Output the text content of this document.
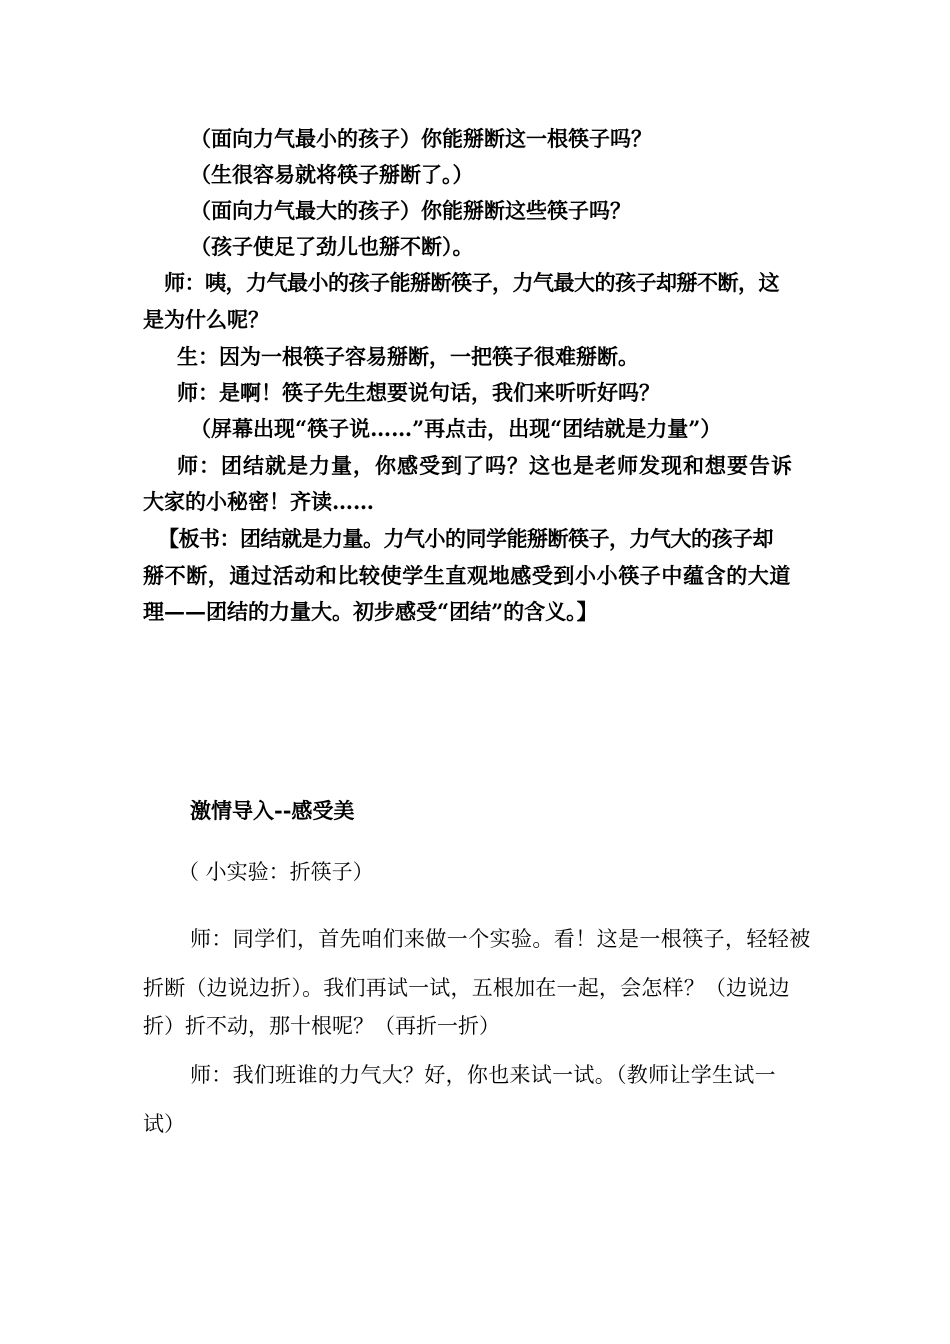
（面向力气最小的孩子）你能掰断这一根筷子吗？

（生很容易就将筷子掰断了。）

（面向力气最大的孩子）你能掰断这些筷子吗？

（孩子使足了劲儿也掰不断）。

师：咦，力气最小的孩子能掰断筷子，力气最大的孩子却掰不断，这

是为什么呢？

生：因为一根筷子容易掰断，一把筷子很难掰断。

师：是啊！筷子先生想要说句话，我们来听听好吗？

（屏幕出现“筷子说……”再点击，出现“团结就是力量”）

师：团结就是力量，你感受到了吗？这也是老师发现和想要告诉

大家的小秘密！齐读……

【板书：团结就是力量。力气小的同学能掰断筷子，力气大的孩子却

掰不断，通过活动和比较使学生直观地感受到小小筷子中蕴含的大道

理——团结的力量大。初步感受“团结”的含义。】

激情导入--感受美

（ 小实验：折筷子）

师：同学们，首先咱们来做一个实验。看！这是一根筷子，轻轻被

折断（边说边折）。我们再试一试，五根加在一起，会怎样？（边说边

折）折不动，那十根呢？（再折一折）

师：我们班谁的力气大？好，你也来试一试。（教师让学生试一

试）
